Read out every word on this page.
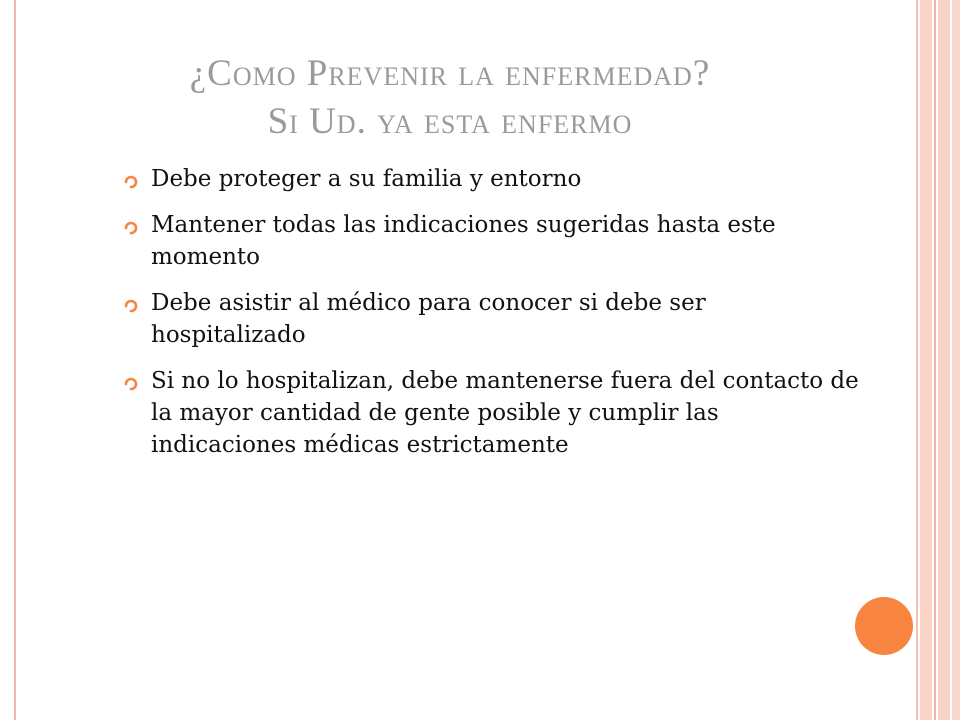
¿Como Prevenir la enfermedad?
Si Ud. ya esta enfermo
Debe proteger a su familia y entorno
Mantener todas las indicaciones sugeridas hasta este momento
Debe asistir al médico para conocer si debe ser hospitalizado
Si no lo hospitalizan, debe mantenerse fuera del contacto de la mayor cantidad de gente posible y cumplir las indicaciones médicas estrictamente
